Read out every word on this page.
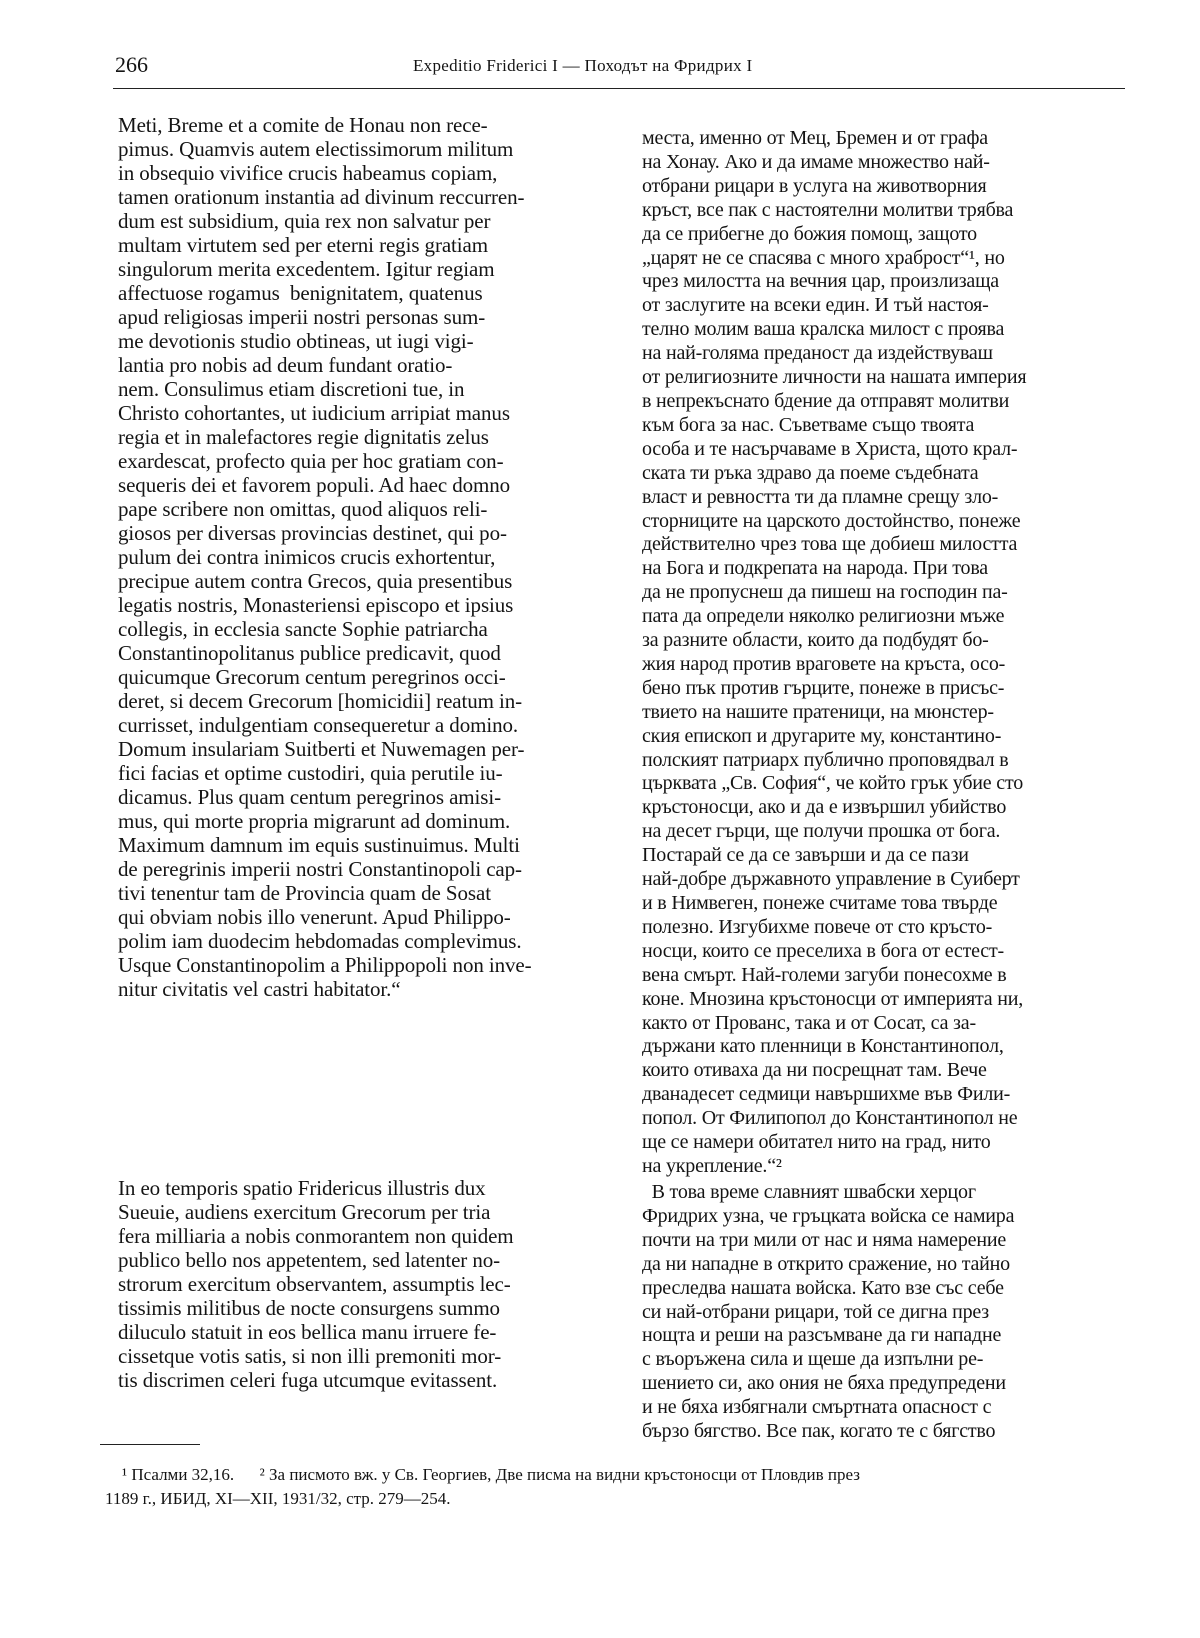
266	Expeditio Friderici I — Походът на Фридрих I
Meti, Breme et a comite de Honau non rece-
pimus. Quamvis autem electissimorum militum
in obsequio vivifice crucis habeamus copiam,
tamen orationum instantia ad divinum reccurren-
dum est subsidium, quia rex non salvatur per
multam virtutem sed per eterni regis gratiam
singulorum merita excedentem. Igitur regiam
affectuose rogamus  benignitatem, quatenus
apud religiosas imperii nostri personas sum-
me devotionis studio obtineas, ut iugi vigi-
lantia pro nobis ad deum fundant oratio-
nem. Consulimus etiam discretioni tue, in
Christo cohortantes, ut iudicium arripiat manus
regia et in malefactores regie dignitatis zelus
exardescat, profecto quia per hoc gratiam con-
sequeris dei et favorem populi. Ad haec domno
pape scribere non omittas, quod aliquos reli-
giosos per diversas provincias destinet, qui po-
pulum dei contra inimicos crucis exhortentur,
precipue autem contra Grecos, quia presentibus
legatis nostris, Monasteriensi episcopo et ipsius
collegis, in ecclesia sancte Sophie patriarcha
Constantinopolitanus publice predicavit, quod
quicumque Grecorum centum peregrinos occi-
deret, si decem Grecorum [homicidii] reatum in-
currisset, indulgentiam consequeretur a domino.
Domum insulariam Suitberti et Nuwemagen per-
fici facias et optime custodiri, quia perutile iu-
dicamus. Plus quam centum peregrinos amisi-
mus, qui morte propria migrarunt ad dominum.
Maximum damnum im equis sustinuimus. Multi
de peregrinis imperii nostri Constantinopoli cap-
tivi tenentur tam de Provincia quam de Sosat
qui obviam nobis illo venerunt. Apud Philippo-
polim iam duodecim hebdomadas complevimus.
Usque Constantinopolim a Philippopoli non inve-
nitur civitatis vel castri habitator.“
In eo temporis spatio Fridericus illustris dux
Sueuie, audiens exercitum Grecorum per tria
fera milliaria a nobis conmorantem non quidem
publico bello nos appetentem, sed latenter no-
strorum exercitum observantem, assumptis lec-
tissimis militibus de nocte consurgens summo
diluculo statuit in eos bellica manu irruere fe-
cissetque votis satis, si non illi premoniti mor-
tis discrimen celeri fuga utcumque evitassent.
места, именно от Мец, Бремен и от графа
на Хонау. Ако и да имаме множество най-
отбрани рицари в услуга на животворния
кръст, все пак с настоятелни молитви трябва
да се прибегне до божия помощ, защото
„царят не се спасява с много храброст“¹, но
чрез милостта на вечния цар, произлизаща
от заслугите на всеки един. И тъй настоя-
телно молим ваша кралска милост с проява
на най-голяма преданост да издействуваш
от религиозните личности на нашата империя
в непрекъснато бдение да отправят молитви
към бога за нас. Съветваме също твоята
особа и те насърчаваме в Христа, щото крал-
ската ти ръка здраво да поеме съдебната
власт и ревността ти да пламне срещу зло-
сторниците на царското достойнство, понеже
действително чрез това ще добиеш милостта
на Бога и подкрепата на народа. При това
да не пропуснеш да пишеш на господин па-
пата да определи няколко религиозни мъже
за разните области, които да подбудят бо-
жия народ против враговете на кръста, осо-
бено пък против гърците, понеже в присъс-
твието на нашите пратеници, на мюнстер-
ския епископ и другарите му, константино-
полският патриарх публично проповядвал в
църквата „Св. София“, че който грък убие сто
кръстоносци, ако и да е извършил убийство
на десет гърци, ще получи прошка от бога.
Постарай се да се завърши и да се пази
най-добре държавното управление в Суиберт
и в Нимвеген, понеже считаме това твърде
полезно. Изгубихме повече от сто кръсто-
носци, които се преселиха в бога от естест-
вена смърт. Най-големи загуби понесохме в
коне. Мнозина кръстоносци от империята ни,
както от Прованс, така и от Сосат, са за-
държани като пленници в Константинопол,
които отиваха да ни посрещнат там. Вече
дванадесет седмици навършихме във Фили-
попол. От Филипопол до Константинопол не
ще се намери обитател нито на град, нито
на укрепление.“²
В това време славният швабски херцог
Фридрих узна, че гръцката войска се намира
почти на три мили от нас и няма намерение
да ни нападне в открито сражение, но тайно
преследва нашата войска. Като взе със себе
си най-отбрани рицари, той се дигна през
нощта и реши на разсъмване да ги нападне
с въоръжена сила и щеше да изпълни ре-
шението си, ако ония не бяха предупредени
и не бяха избягнали смъртната опасност с
бързо бягство. Все пак, когато те с бягство
¹ Псалми 32,16.      ² За писмото вж. у Св. Георгиев, Две писма на видни кръстоносци от Пловдив през
1189 г., ИБИД, XI—XII, 1931/32, стр. 279—254.
